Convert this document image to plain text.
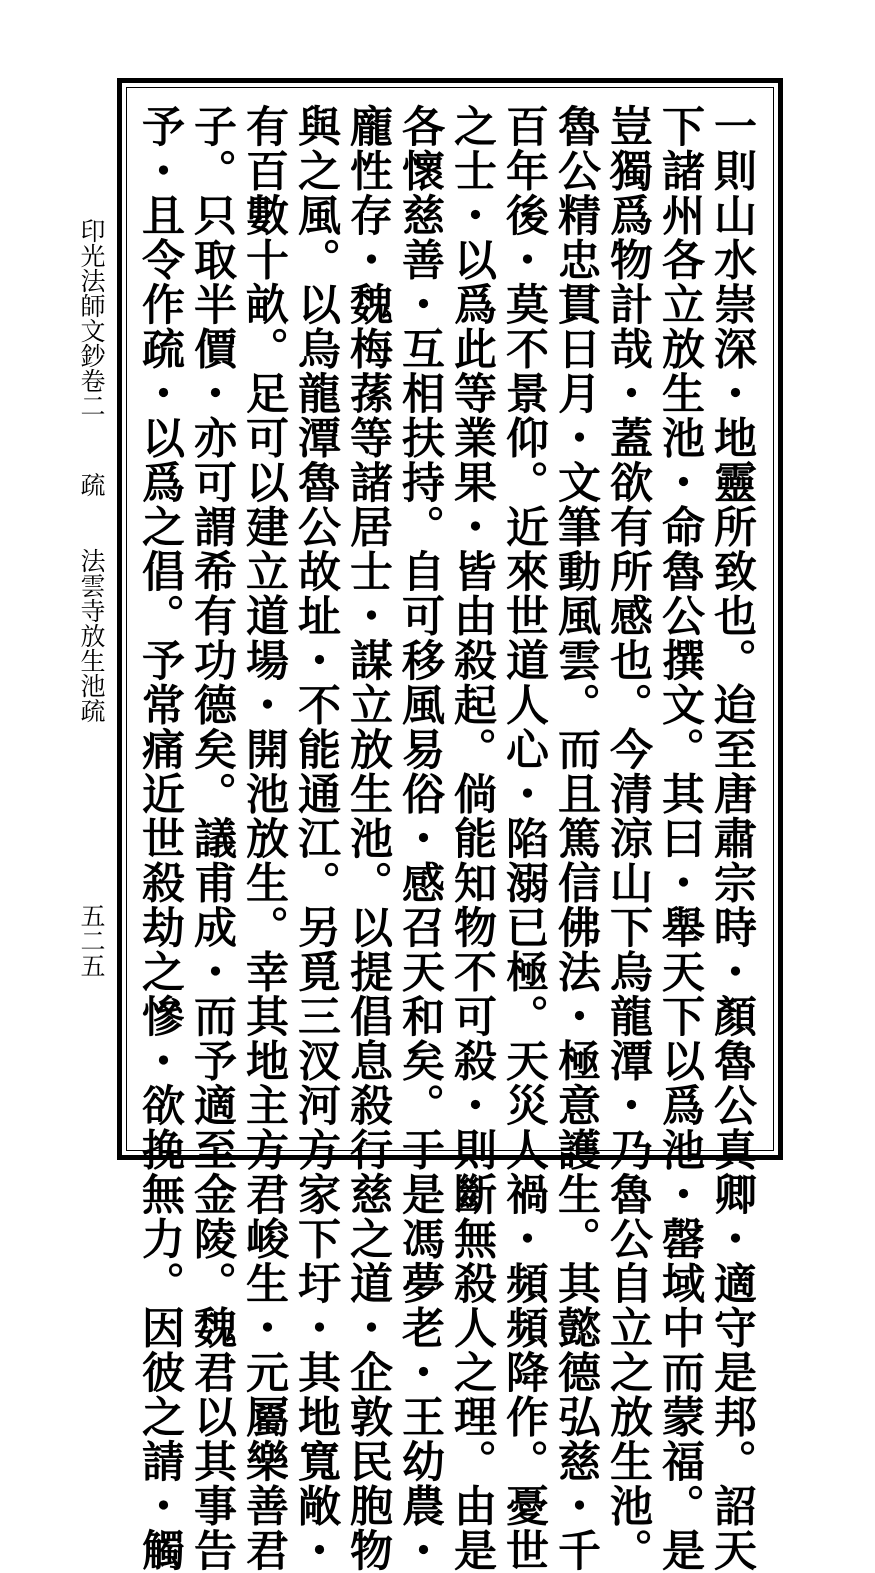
一則山水崇深・地靈所致也。迨至唐肅宗時・顏魯公真卿・適守是邦。詔天
下諸州各立放生池・命魯公撰文。其曰・舉天下以爲池・罄域中而蒙福。是
豈獨爲物計哉・蓋欲有所感也。今清涼山下烏龍潭・乃魯公自立之放生池。
魯公精忠貫日月・文筆動風雲。而且篤信佛法・極意護生。其懿德弘慈・千
百年後・莫不景仰。近來世道人心・陷溺已極。天災人禍・頻頻降作。憂世
之士・以爲此等業果・皆由殺起。倘能知物不可殺・則斷無殺人之理。由是
各懷慈善・互相扶持。自可移風易俗・感召天和矣。于是馮夢老・王幼農・
龐性存・魏梅蓀等諸居士・謀立放生池。以提倡息殺行慈之道・企敦民胞物
與之風。以烏龍潭魯公故址・不能通江。另覓三汊河方家下圩・其地寬敞・
有百數十畝。足可以建立道場・開池放生。幸其地主方君峻生・元屬樂善君
子。只取半價・亦可謂希有功德矣。議甫成・而予適至金陵。魏君以其事告
予・且令作疏・以爲之倡。予常痛近世殺劫之慘・欲挽無力。因彼之請・觸
印光法師文鈔卷二
疏
法雲寺放生池疏
五二五
